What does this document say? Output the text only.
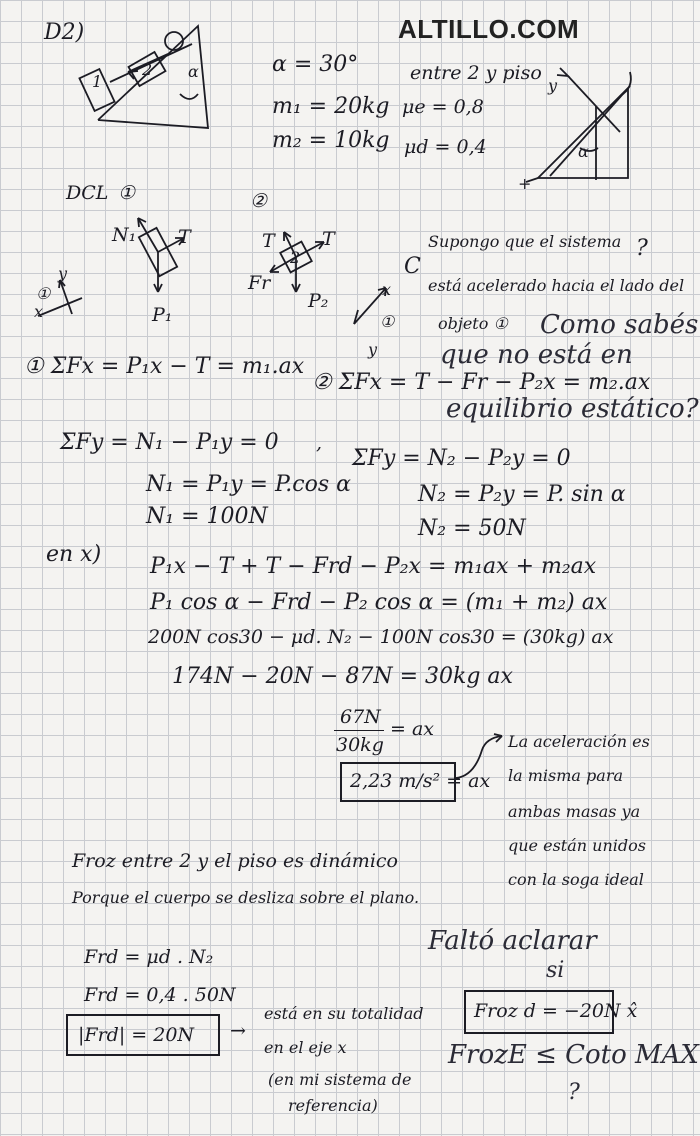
ALTILLO.COM
D2)
1
2 α	α = 30°
m₁ = 20kg
m₂ = 10kg
entre 2 y piso
μe = 0,8
μd = 0,4
y
α
+
DCL ①	②
N₁ T
P₁
y
x
①
T T
Fr
P₂
2
x
y
①
Supongo que el sistema ?
está acelerado hacia el lado del
objeto ①
C
Como sabés
que no está en
equilibrio estático?
① ΣFx = P₁x − T = m₁.ax
ΣFy = N₁ − P₁y = 0
N₁ = P₁y = P.cos α
N₁ = 100N
② ΣFx = T − Fr − P₂x = m₂.ax
,
ΣFy = N₂ − P₂y = 0
N₂ = P₂y = P. sin α
N₂ = 50N
en x) P₁x − T + T − Frd − P₂x = m₁ax + m₂ax
P₁ cos α − Frd − P₂ cos α = (m₁ + m₂) ax
200N cos30 − μd. N₂ − 100N cos30 = (30kg) ax
174N − 20N − 87N = 30kg ax
67N
30kg
= ax
2,23 m/s² = ax
La aceleración es
la misma para
ambas masas ya
que están unidos
con la soga ideal
Froz entre 2 y el piso es dinámico
Porque el cuerpo se desliza sobre el plano.
Frd = μd . N₂
Frd = 0,4 . 50N
|Frd| = 20N →
está en su totalidad
en el eje x
(en mi sistema de
referencia)
Faltó aclarar
si
Froz d = −20N x̂
FrozE ≤ Coto MAX
?
